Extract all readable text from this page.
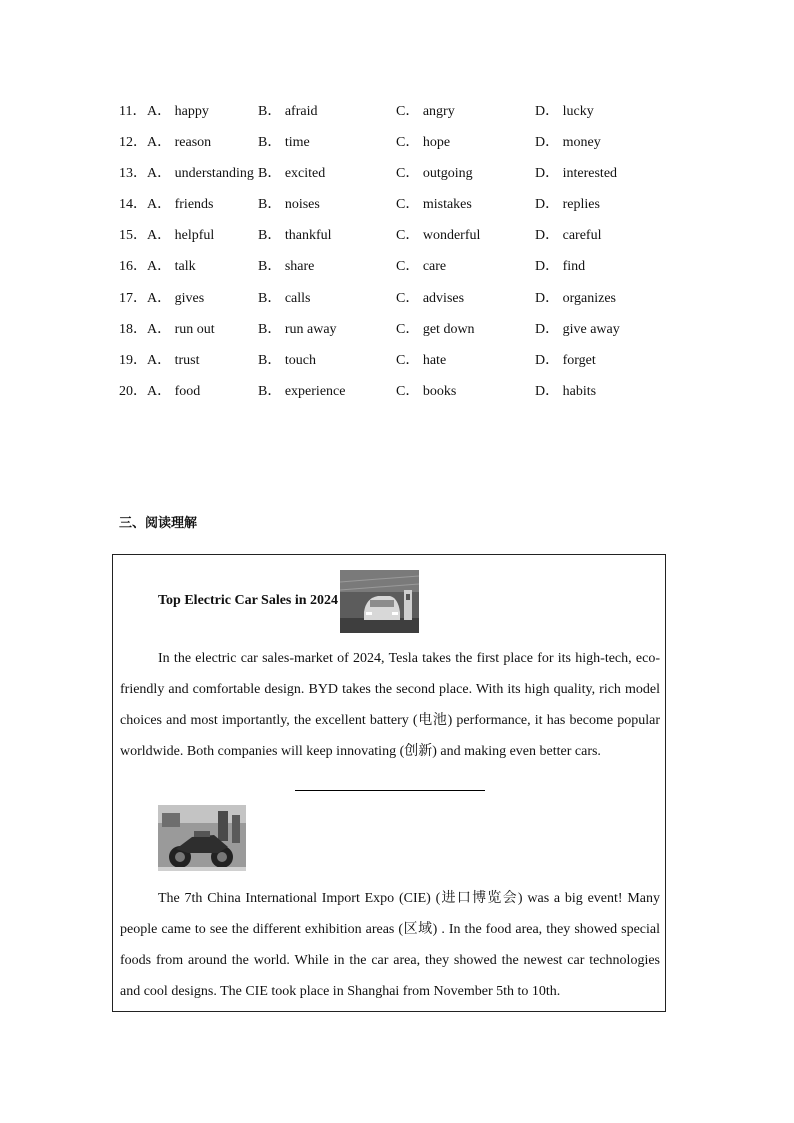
11． A． happy	B． afraid	C． angry	D． lucky
12． A． reason	B． time	C． hope	D． money
13． A． understanding B． excited	C． outgoing	D． interested
14． A． friends	B． noises	C． mistakes	D． replies
15． A． helpful	B． thankful	C． wonderful	D． careful
16． A． talk	B． share	C． care	D． find
17． A． gives	B． calls	C． advises	D． organizes
18． A． run out	B． run away	C． get down	D． give away
19． A． trust	B． touch	C． hate	D． forget
20． A． food	B． experience	C． books	D． habits
三、阅读理解
Top Electric Car Sales in 2024

In the electric car sales-market of 2024, Tesla takes the first place for its high-tech, eco-friendly and comfortable design. BYD takes the second place. With its high quality, rich model choices and most importantly, the excellent battery (电池) performance, it has become popular worldwide. Both companies will keep innovating (创新) and making even better cars.

The 7th China International Import Expo (CIE) (进口博览会) was a big event! Many people came to see the different exhibition areas (区域) . In the food area, they showed special foods from around the world. While in the car area, they showed the newest car technologies and cool designs. The CIE took place in Shanghai from November 5th to 10th.
